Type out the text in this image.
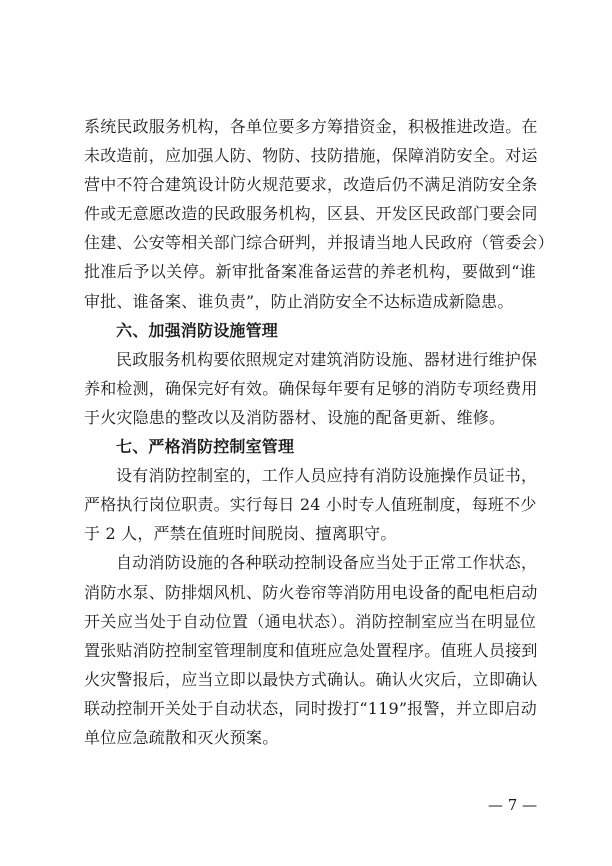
系统民政服务机构，各单位要多方筹措资金，积极推进改造。在
未改造前，应加强人防、物防、技防措施，保障消防安全。对运
营中不符合建筑设计防火规范要求，改造后仍不满足消防安全条
件或无意愿改造的民政服务机构，区县、开发区民政部门要会同
住建、公安等相关部门综合研判，并报请当地人民政府（管委会）
批准后予以关停。新审批备案准备运营的养老机构，要做到“谁
审批、谁备案、谁负责”，防止消防安全不达标造成新隐患。
六、加强消防设施管理
民政服务机构要依照规定对建筑消防设施、器材进行维护保
养和检测，确保完好有效。确保每年要有足够的消防专项经费用
于火灾隐患的整改以及消防器材、设施的配备更新、维修。
七、严格消防控制室管理
设有消防控制室的，工作人员应持有消防设施操作员证书，
严格执行岗位职责。实行每日 24 小时专人值班制度，每班不少
于 2 人，严禁在值班时间脱岗、擅离职守。
自动消防设施的各种联动控制设备应当处于正常工作状态，
消防水泵、防排烟风机、防火卷帘等消防用电设备的配电柜启动
开关应当处于自动位置（通电状态）。消防控制室应当在明显位
置张贴消防控制室管理制度和值班应急处置程序。值班人员接到
火灾警报后，应当立即以最快方式确认。确认火灾后，立即确认
联动控制开关处于自动状态，同时拨打“119”报警，并立即启动
单位应急疏散和灭火预案。
— 7 —
